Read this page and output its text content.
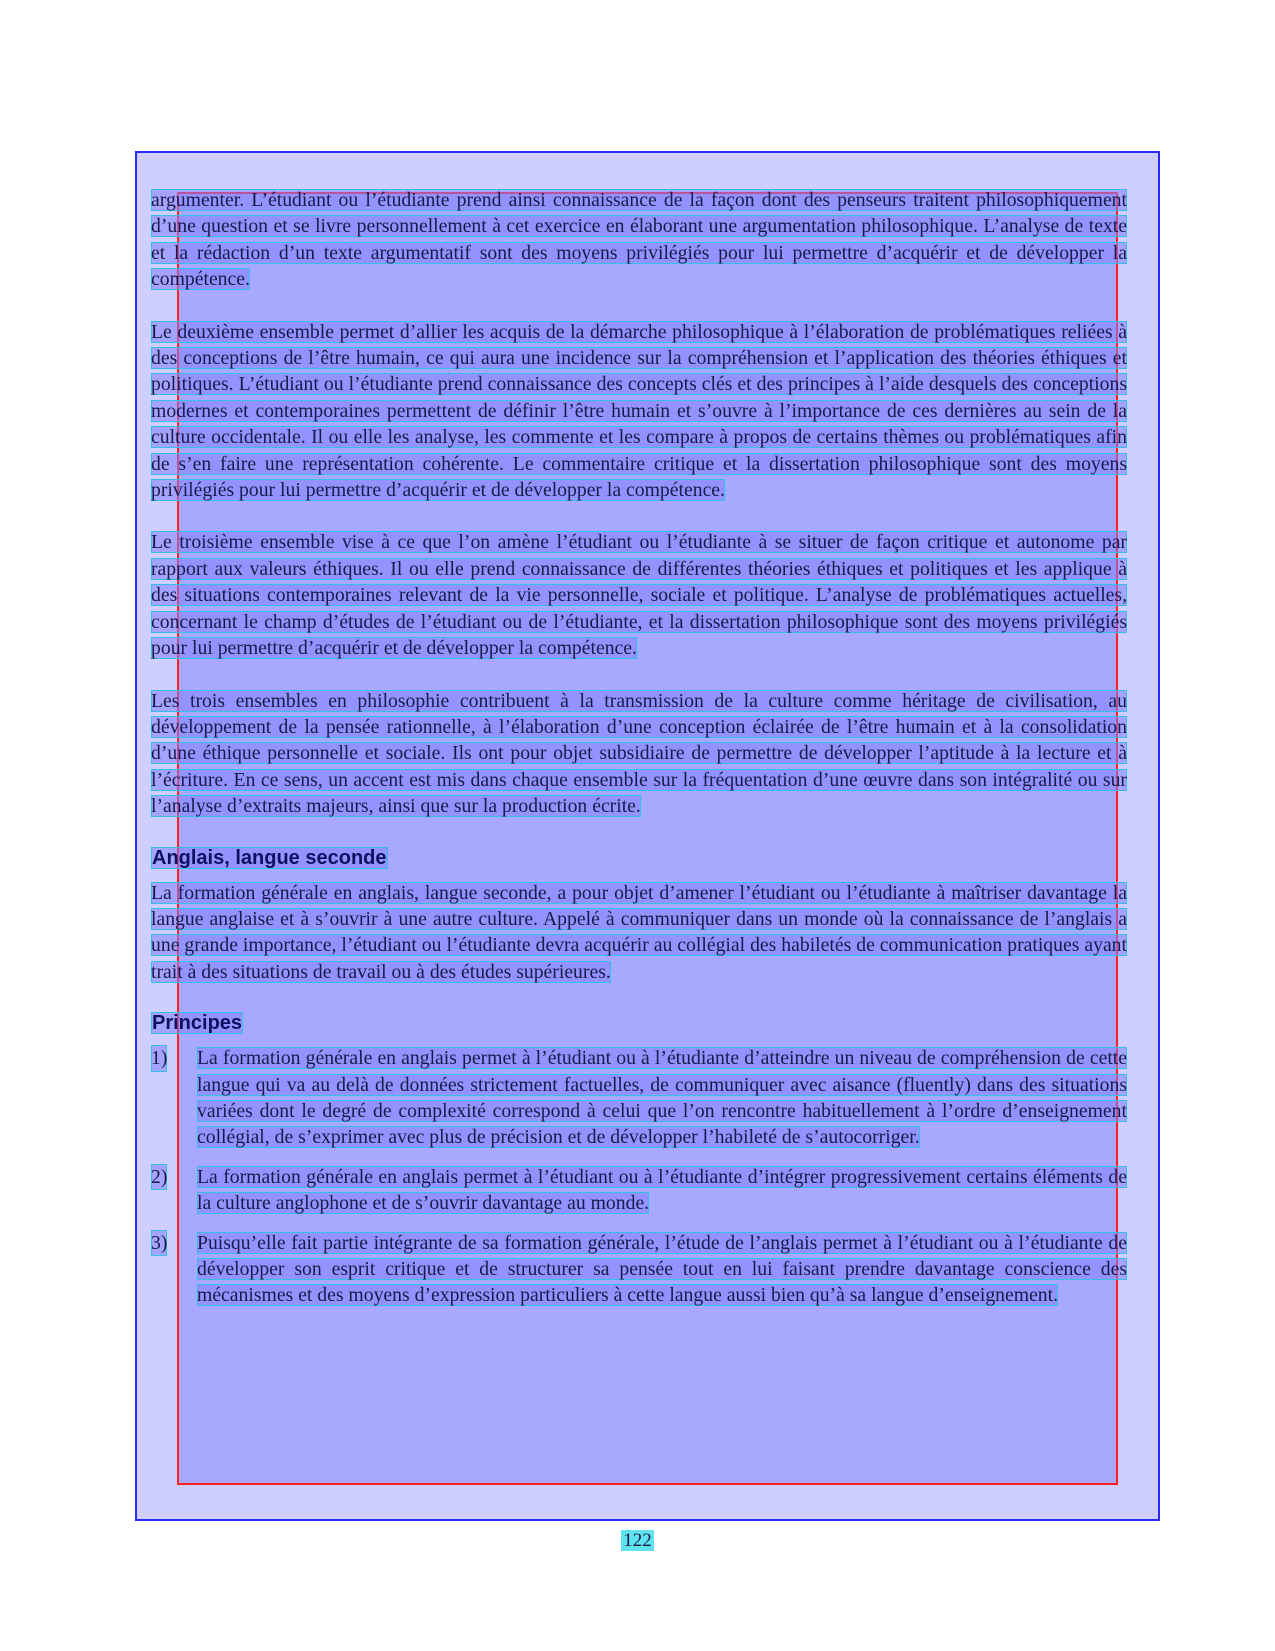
argumenter. L’étudiant ou l’étudiante prend ainsi connaissance de la façon dont des penseurs traitent philosophiquement d’une question et se livre personnellement à cet exercice en élaborant une argumentation philosophique. L’analyse de texte et la rédaction d’un texte argumentatif sont des moyens privilégiés pour lui permettre d’acquérir et de développer la compétence.

Le deuxième ensemble permet d’allier les acquis de la démarche philosophique à l’élaboration de problématiques reliées à des conceptions de l’être humain, ce qui aura une incidence sur la compréhension et l’application des théories éthiques et politiques. L’étudiant ou l’étudiante prend connaissance des concepts clés et des principes à l’aide desquels des conceptions modernes et contemporaines permettent de définir l’être humain et s’ouvre à l’importance de ces dernières au sein de la culture occidentale. Il ou elle les analyse, les commente et les compare à propos de certains thèmes ou problématiques afin de s’en faire une représentation cohérente. Le commentaire critique et la dissertation philosophique sont des moyens privilégiés pour lui permettre d’acquérir et de développer la compétence.

Le troisième ensemble vise à ce que l’on amène l’étudiant ou l’étudiante à se situer de façon critique et autonome par rapport aux valeurs éthiques. Il ou elle prend connaissance de différentes théories éthiques et politiques et les applique à des situations contemporaines relevant de la vie personnelle, sociale et politique. L’analyse de problématiques actuelles, concernant le champ d’études de l’étudiant ou de l’étudiante, et la dissertation philosophique sont des moyens privilégiés pour lui permettre d’acquérir et de développer la compétence.

Les trois ensembles en philosophie contribuent à la transmission de la culture comme héritage de civilisation, au développement de la pensée rationnelle, à l’élaboration d’une conception éclairée de l’être humain et à la consolidation d’une éthique personnelle et sociale. Ils ont pour objet subsidiaire de permettre de développer l’aptitude à la lecture et à l’écriture. En ce sens, un accent est mis dans chaque ensemble sur la fréquentation d’une œuvre dans son intégralité ou sur l’analyse d’extraits majeurs, ainsi que sur la production écrite.

Anglais, langue seconde

La formation générale en anglais, langue seconde, a pour objet d’amener l’étudiant ou l’étudiante à maîtriser davantage la langue anglaise et à s’ouvrir à une autre culture. Appelé à communiquer dans un monde où la connaissance de l’anglais a une grande importance, l’étudiant ou l’étudiante devra acquérir au collégial des habiletés de communication pratiques ayant trait à des situations de travail ou à des études supérieures.

Principes
1) La formation générale en anglais permet à l’étudiant ou à l’étudiante d’atteindre un niveau de compréhension de cette langue qui va au delà de données strictement factuelles, de communiquer avec aisance (fluently) dans des situations variées dont le degré de complexité correspond à celui que l’on rencontre habituellement à l’ordre d’enseignement collégial, de s’exprimer avec plus de précision et de développer l’habileté de s’autocorriger.
2) La formation générale en anglais permet à l’étudiant ou à l’étudiante d’intégrer progressivement certains éléments de la culture anglophone et de s’ouvrir davantage au monde.
3) Puisqu’elle fait partie intégrante de sa formation générale, l’étude de l’anglais permet à l’étudiant ou à l’étudiante de développer son esprit critique et de structurer sa pensée tout en lui faisant prendre davantage conscience des mécanismes et des moyens d’expression particuliers à cette langue aussi bien qu’à sa langue d’enseignement.
122
